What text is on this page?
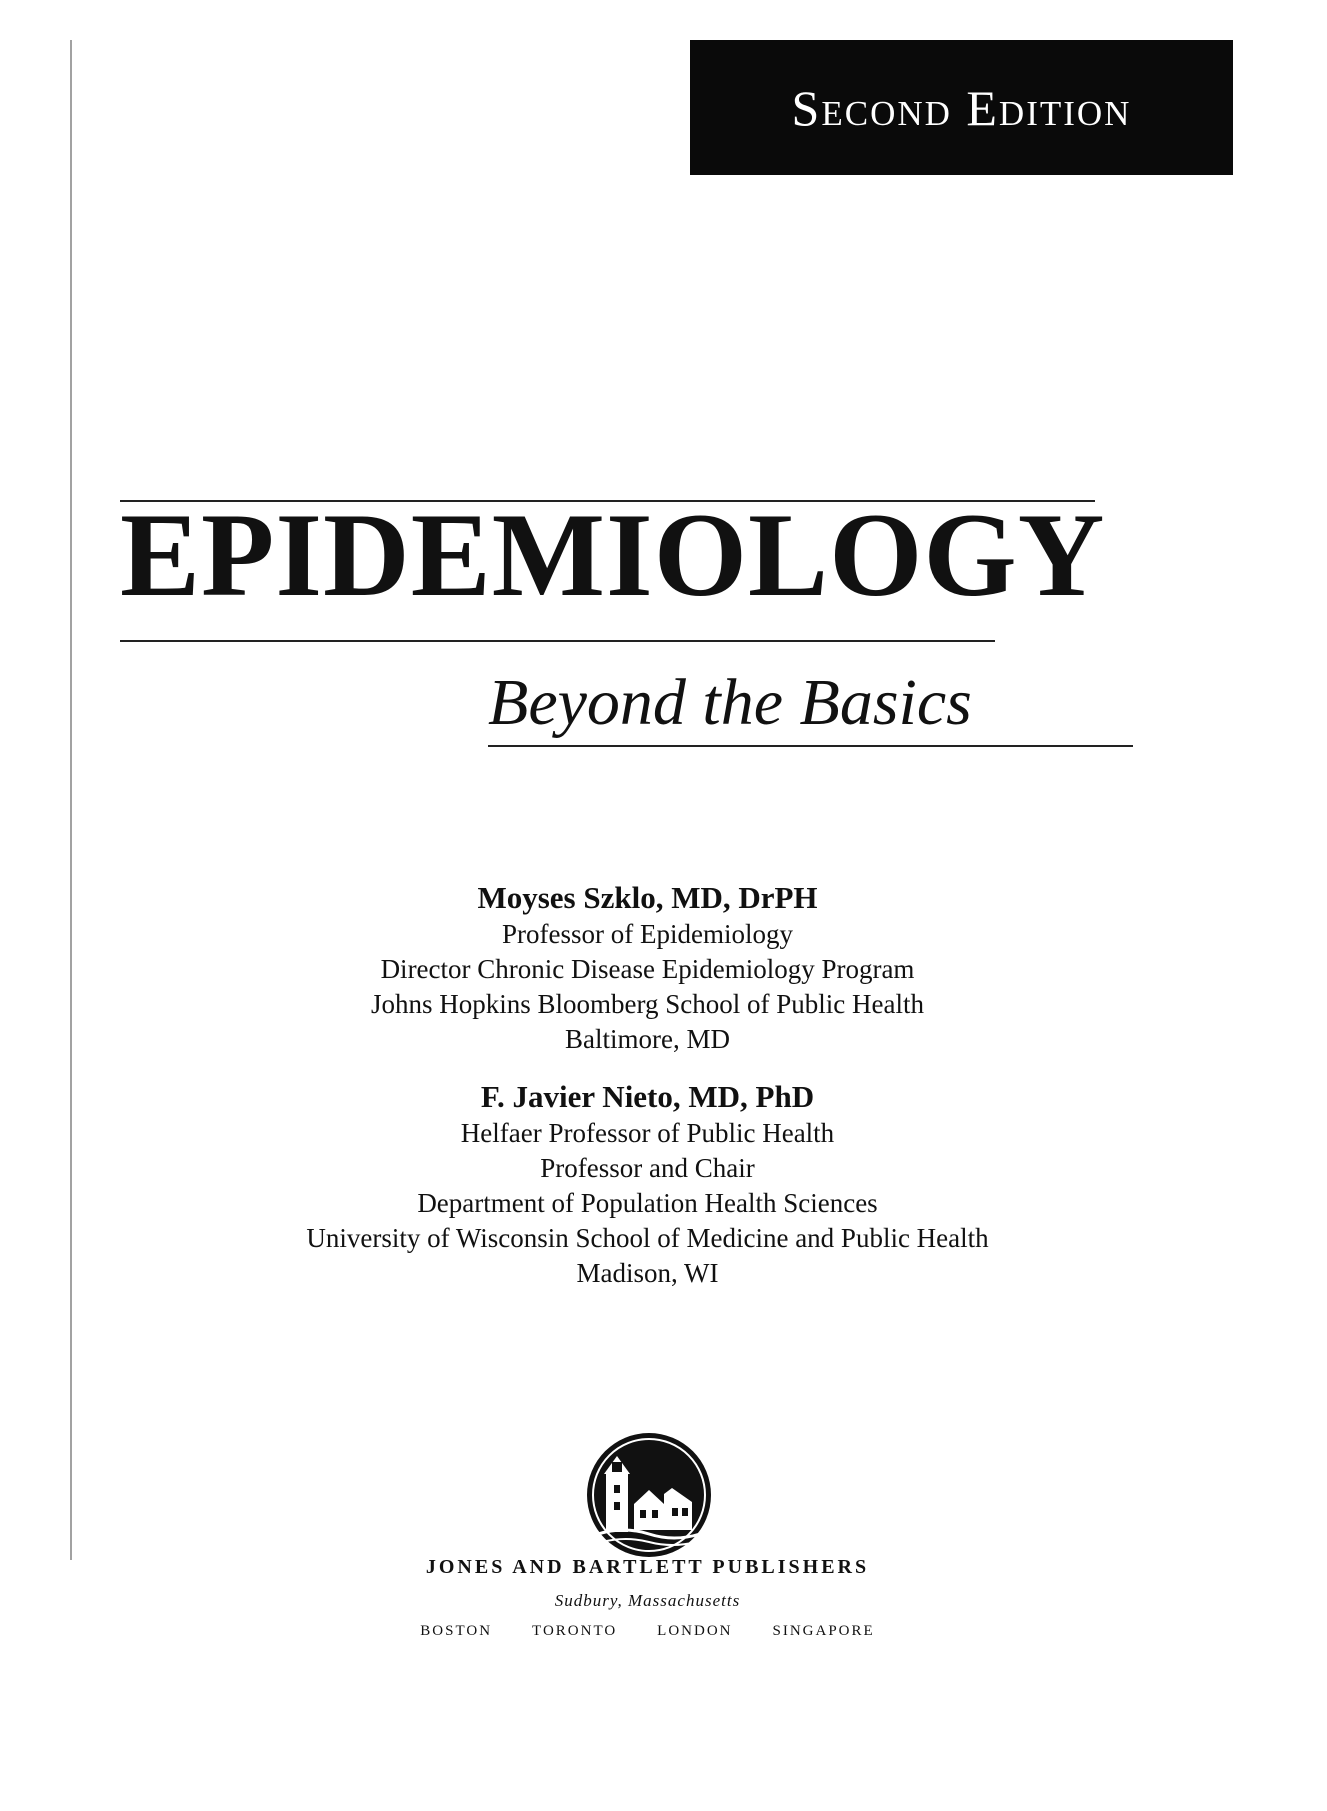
Second Edition
EPIDEMIOLOGY
Beyond the Basics
Moyses Szklo, MD, DrPH
Professor of Epidemiology
Director Chronic Disease Epidemiology Program
Johns Hopkins Bloomberg School of Public Health
Baltimore, MD
F. Javier Nieto, MD, PhD
Helfaer Professor of Public Health
Professor and Chair
Department of Population Health Sciences
University of Wisconsin School of Medicine and Public Health
Madison, WI
JONES AND BARTLETT PUBLISHERS
Sudbury, Massachusetts
BOSTON	TORONTO	LONDON	SINGAPORE
